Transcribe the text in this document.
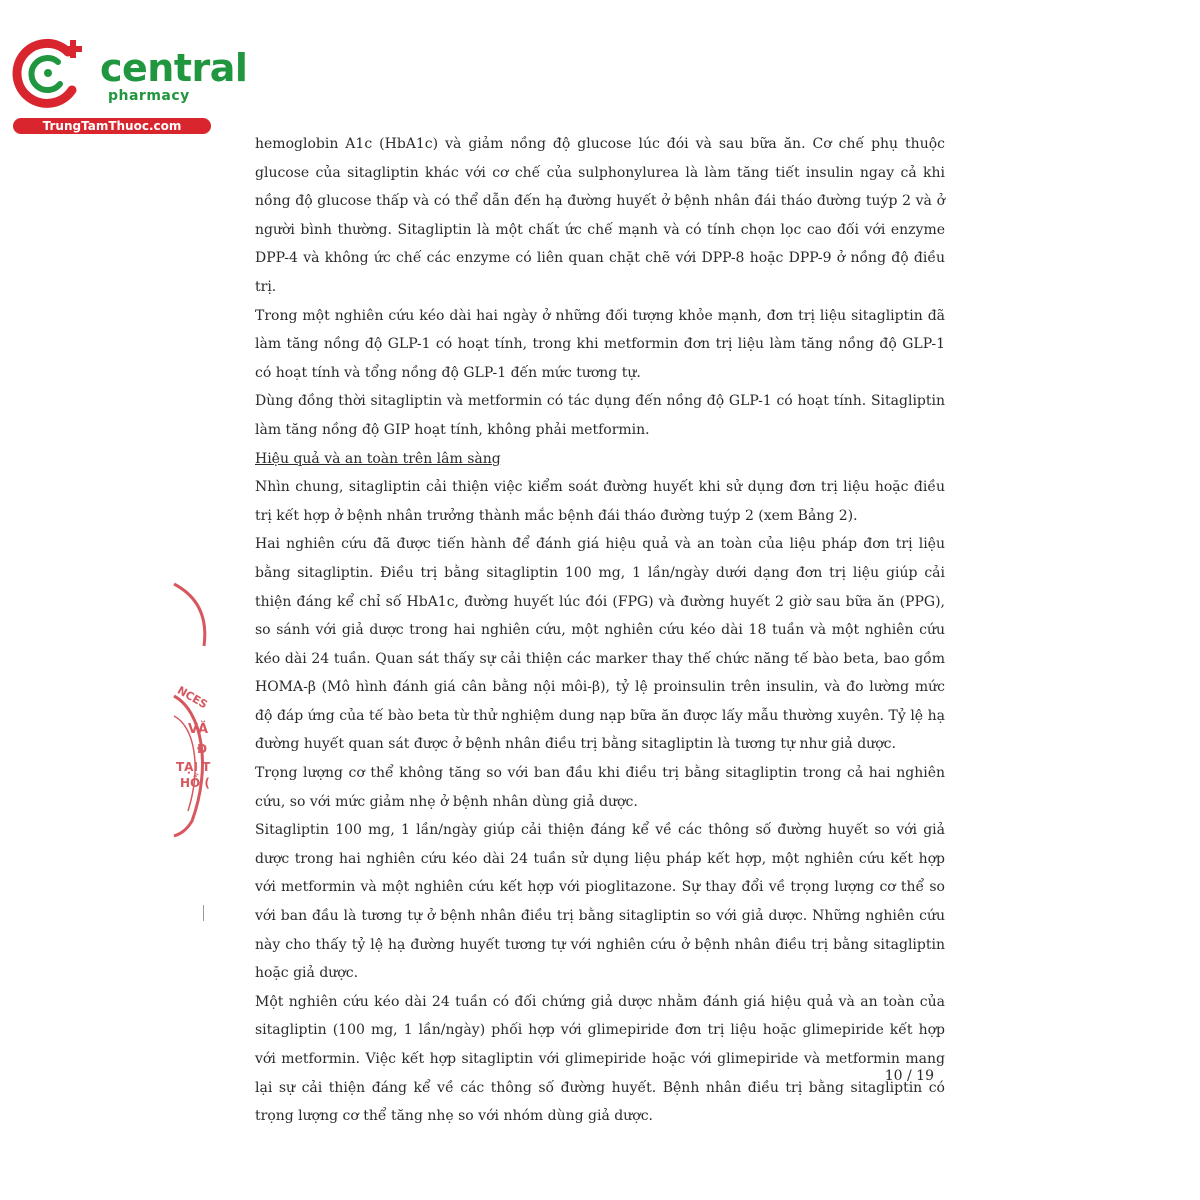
central
pharmacy
TrungTamThuoc.com
NCES
VĂ
Đ
TẠI T
HỒ (

hemoglobin A1c (HbA1c) và giảm nồng độ glucose lúc đói và sau bữa ăn. Cơ chế phụ thuộc glucose của sitagliptin khác với cơ chế của sulphonylurea là làm tăng tiết insulin ngay cả khi nồng độ glucose thấp và có thể dẫn đến hạ đường huyết ở bệnh nhân đái tháo đường tuýp 2 và ở người bình thường. Sitagliptin là một chất ức chế mạnh và có tính chọn lọc cao đối với enzyme DPP-4 và không ức chế các enzyme có liên quan chặt chẽ với DPP-8 hoặc DPP-9 ở nồng độ điều trị.

Trong một nghiên cứu kéo dài hai ngày ở những đối tượng khỏe mạnh, đơn trị liệu sitagliptin đã làm tăng nồng độ GLP-1 có hoạt tính, trong khi metformin đơn trị liệu làm tăng nồng độ GLP-1 có hoạt tính và tổng nồng độ GLP-1 đến mức tương tự.

Dùng đồng thời sitagliptin và metformin có tác dụng đến nồng độ GLP-1 có hoạt tính. Sitagliptin làm tăng nồng độ GIP hoạt tính, không phải metformin.

Hiệu quả và an toàn trên lâm sàng

Nhìn chung, sitagliptin cải thiện việc kiểm soát đường huyết khi sử dụng đơn trị liệu hoặc điều trị kết hợp ở bệnh nhân trưởng thành mắc bệnh đái tháo đường tuýp 2 (xem Bảng 2).

Hai nghiên cứu đã được tiến hành để đánh giá hiệu quả và an toàn của liệu pháp đơn trị liệu bằng sitagliptin. Điều trị bằng sitagliptin 100 mg, 1 lần/ngày dưới dạng đơn trị liệu giúp cải thiện đáng kể chỉ số HbA1c, đường huyết lúc đói (FPG) và đường huyết 2 giờ sau bữa ăn (PPG), so sánh với giả dược trong hai nghiên cứu, một nghiên cứu kéo dài 18 tuần và một nghiên cứu kéo dài 24 tuần. Quan sát thấy sự cải thiện các marker thay thế chức năng tế bào beta, bao gồm HOMA-β (Mô hình đánh giá cân bằng nội môi-β), tỷ lệ proinsulin trên insulin, và đo lường mức độ đáp ứng của tế bào beta từ thử nghiệm dung nạp bữa ăn được lấy mẫu thường xuyên. Tỷ lệ hạ đường huyết quan sát được ở bệnh nhân điều trị bằng sitagliptin là tương tự như giả dược.

Trọng lượng cơ thể không tăng so với ban đầu khi điều trị bằng sitagliptin trong cả hai nghiên cứu, so với mức giảm nhẹ ở bệnh nhân dùng giả dược.

Sitagliptin 100 mg, 1 lần/ngày giúp cải thiện đáng kể về các thông số đường huyết so với giả dược trong hai nghiên cứu kéo dài 24 tuần sử dụng liệu pháp kết hợp, một nghiên cứu kết hợp với metformin và một nghiên cứu kết hợp với pioglitazone. Sự thay đổi về trọng lượng cơ thể so với ban đầu là tương tự ở bệnh nhân điều trị bằng sitagliptin so với giả dược. Những nghiên cứu này cho thấy tỷ lệ hạ đường huyết tương tự với nghiên cứu ở bệnh nhân điều trị bằng sitagliptin hoặc giả dược.

Một nghiên cứu kéo dài 24 tuần có đối chứng giả dược nhằm đánh giá hiệu quả và an toàn của sitagliptin (100 mg, 1 lần/ngày) phối hợp với glimepiride đơn trị liệu hoặc glimepiride kết hợp với metformin. Việc kết hợp sitagliptin với glimepiride hoặc với glimepiride và metformin mang lại sự cải thiện đáng kể về các thông số đường huyết. Bệnh nhân điều trị bằng sitagliptin có trọng lượng cơ thể tăng nhẹ so với nhóm dùng giả dược.

10 / 19
